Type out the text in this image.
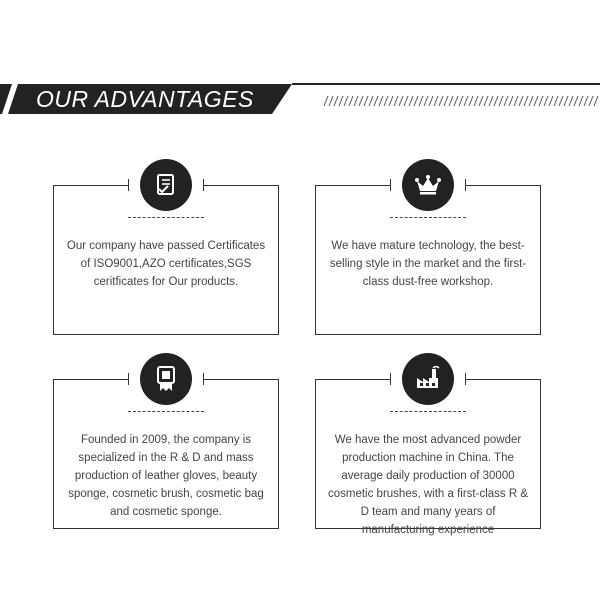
OUR ADVANTAGES
Our company have passed Certificates of ISO9001,AZO certificates,SGS ceritficates for Our products.
We have mature technology, the best-selling style in the market and the first-class dust-free workshop.
Founded in 2009, the company is specialized in the R & D and mass production of leather gloves, beauty sponge, cosmetic brush, cosmetic bag and cosmetic sponge.
We have the most advanced powder production machine in China. The average daily production of 30000 cosmetic brushes, with a first-class R & D team and many years of manufacturing experience
